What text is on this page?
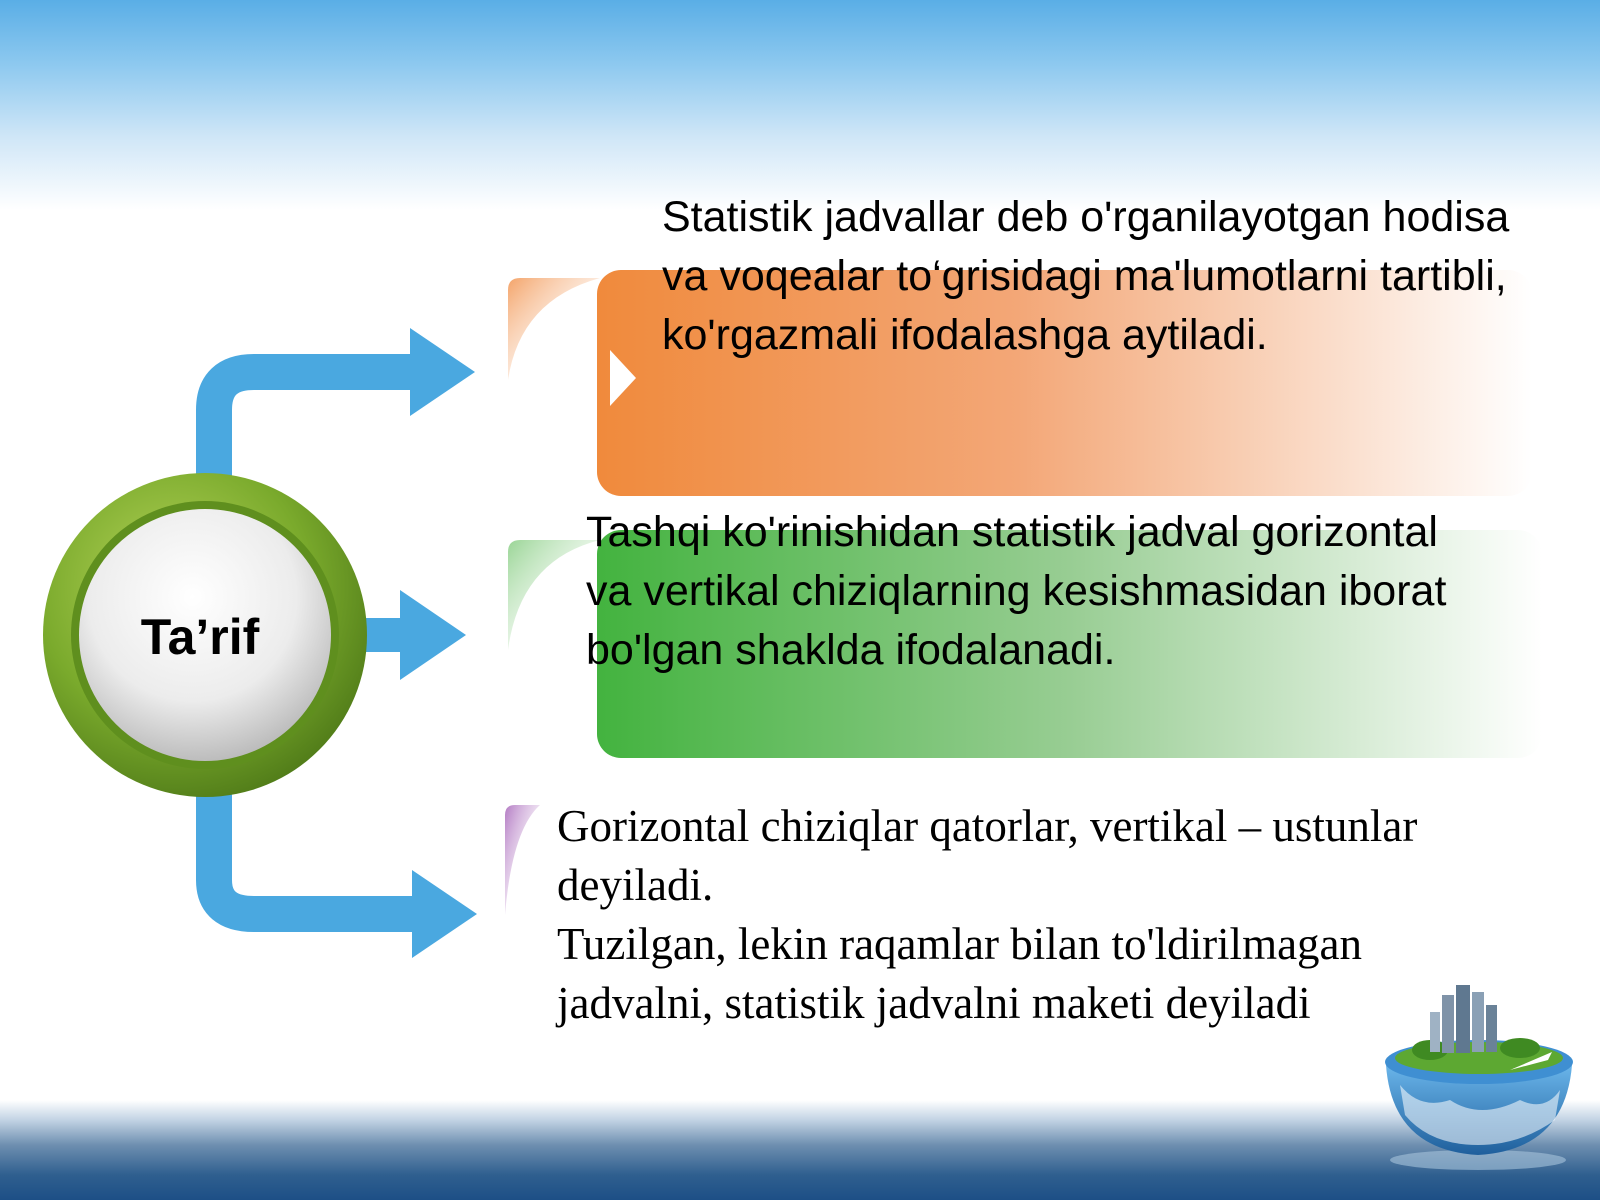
Ta’rif

Statistik jadvallar deb o'rganilayotgan hodisa va voqealar to‘grisidagi ma'lumotlarni tartibli, ko'rgazmali ifodalashga aytiladi.

Tashqi ko'rinishidan statistik jadval gorizontal va vertikal chiziqlarning kesishmasidan iborat bo'lgan shaklda ifodalanadi.

Gorizontal chiziqlar qatorlar, vertikal – ustunlar deyiladi.
Tuzilgan, lekin raqamlar bilan to'ldirilmagan jadvalni, statistik jadvalni maketi deyiladi
